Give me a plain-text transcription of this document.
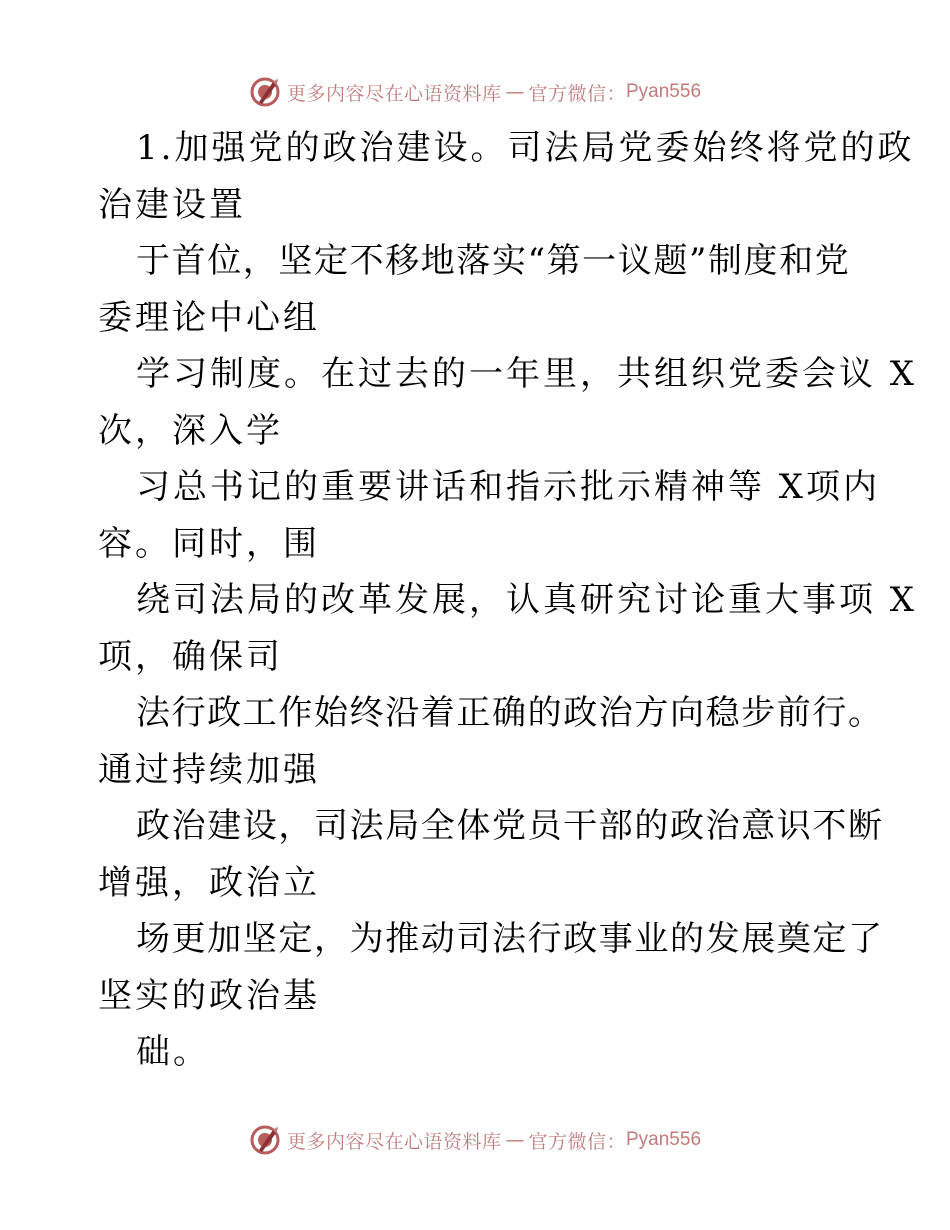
更多内容尽在心语资料库 — 官方微信： Pyan556
1.加强党的政治建设。司法局党委始终将党的政
治建设置
于首位，坚定不移地落实“第一议题”制度和党
委理论中心组
学习制度。在过去的一年里，共组织党委会议 X
次，深入学
习总书记的重要讲话和指示批示精神等 X项内
容。同时，围
绕司法局的改革发展，认真研究讨论重大事项 X
项，确保司
法行政工作始终沿着正确的政治方向稳步前行。
通过持续加强
政治建设，司法局全体党员干部的政治意识不断
增强，政治立
场更加坚定，为推动司法行政事业的发展奠定了
坚实的政治基
础。
更多内容尽在心语资料库 — 官方微信： Pyan556
